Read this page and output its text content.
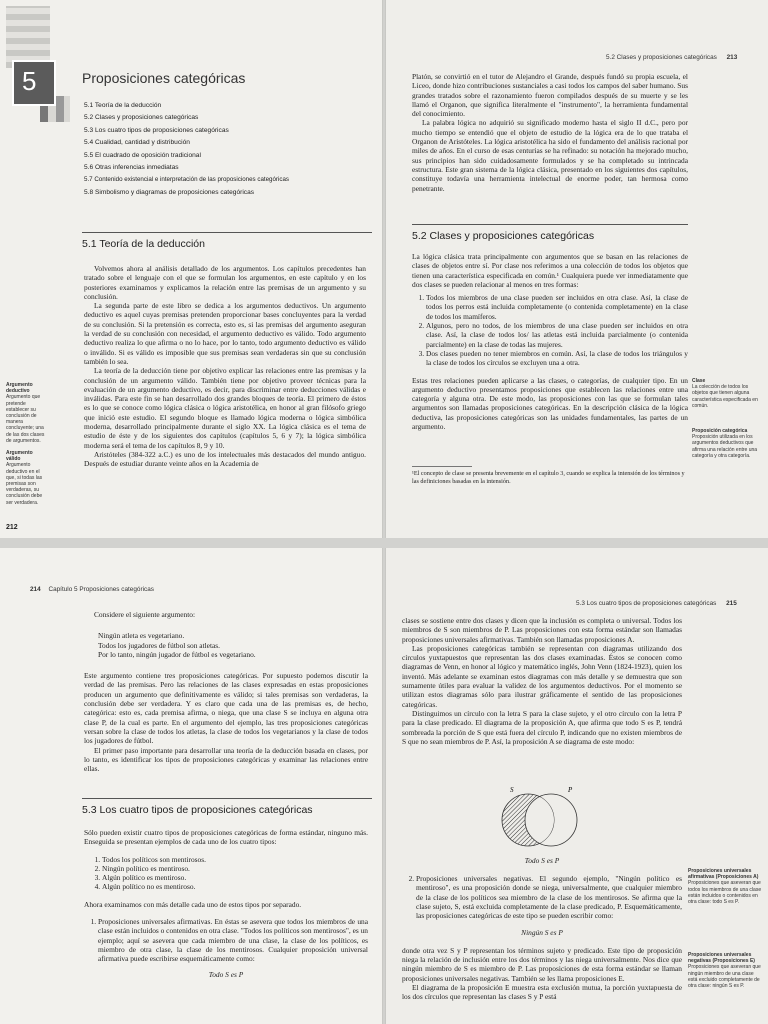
5	Proposiciones categóricas
5.1 Teoría de la deducción
5.2 Clases y proposiciones categóricas
5.3 Los cuatro tipos de proposiciones categóricas
5.4 Cualidad, cantidad y distribución
5.5 El cuadrado de oposición tradicional
5.6 Otras inferencias inmediatas
5.7 Contenido existencial e interpretación de las proposiciones categóricas
5.8 Simbolismo y diagramas de proposiciones categóricas
5.1 Teoría de la deducción

Volvemos ahora al análisis detallado de los argumentos. Los capítulos precedentes han tratado sobre el lenguaje con el que se formulan los argumentos, en este capítulo y en los posteriores examinamos y explicamos la relación entre las premisas de un argumento y su conclusión.

La segunda parte de este libro se dedica a los argumentos deductivos. Un argumento deductivo es aquel cuyas premisas pretenden proporcionar bases concluyentes para la verdad de su conclusión. Si la pretensión es correcta, esto es, si las premisas del argumento aseguran la verdad de su conclusión con necesidad, el argumento deductivo es válido. Todo argumento deductivo realiza lo que afirma o no lo hace, por lo tanto, todo argumento deductivo es válido o inválido. Si es válido es imposible que sus premisas sean verdaderas sin que su conclusión también lo sea.

La teoría de la deducción tiene por objetivo explicar las relaciones entre las premisas y la conclusión de un argumento válido. También tiene por objetivo proveer técnicas para la evaluación de un argumento deductivo, es decir, para discriminar entre deducciones válidas e inválidas. Para este fin se han desarrollado dos grandes bloques de teoría. El primero de éstos es lo que se conoce como lógica clásica o lógica aristotélica, en honor al gran filósofo griego que inició este estudio. El segundo bloque es llamado lógica moderna o lógica simbólica moderna, desarrollado principalmente durante el siglo XX. La lógica clásica es el tema de estudio de éste y de los siguientes dos capítulos (capítulos 5, 6 y 7); la lógica simbólica moderna será el tema de los capítulos 8, 9 y 10.

Aristóteles (384-322 a.C.) es uno de los intelectuales más destacados del mundo antiguo. Después de estudiar durante veinte años en la Academia de

Argumento deductivo
Argumento que pretende establecer su conclusión de manera concluyente; una de las dos clases de argumentos.
Argumento válido
Argumento deductivo en el que, si todas las premisas son verdaderas, su conclusión debe ser verdadera.
212
5.2 Clases y proposiciones categóricas 213

Platón, se convirtió en el tutor de Alejandro el Grande, después fundó su propia escuela, el Liceo, donde hizo contribuciones sustanciales a casi todos los campos del saber humano. Sus grandes tratados sobre el razonamiento fueron compilados después de su muerte y se les llamó el Organon, que significa literalmente el "instrumento", la herramienta fundamental del conocimiento.

La palabra lógica no adquirió su significado moderno hasta el siglo II d.C., pero por mucho tiempo se entendió que el objeto de estudio de la lógica era de lo que trataba el Organon de Aristóteles. La lógica aristotélica ha sido el fundamento del análisis racional por miles de años. En el curso de esas centurias se ha refinado: su notación ha mejorado mucho, sus principios han sido cuidadosamente formulados y se ha completado su intrincada estructura. Este gran sistema de la lógica clásica, presentado en los siguientes dos capítulos, constituye todavía una herramienta intelectual de enorme poder, tan hermosa como penetrante.

5.2 Clases y proposiciones categóricas

La lógica clásica trata principalmente con argumentos que se basan en las relaciones de clases de objetos entre sí. Por clase nos referimos a una colección de todos los objetos que tienen una característica especificada en común.¹ Cualquiera puede ver inmediatamente que dos clases se pueden relacionar al menos en tres formas:

1. Todos los miembros de una clase pueden ser incluidos en otra clase. Así, la clase de todos los perros está incluida completamente (o contenida completamente) en la clase de todos los mamíferos.
2. Algunos, pero no todos, de los miembros de una clase pueden ser incluidos en otra clase. Así, la clase de todos los/ las atletas está incluida parcialmente (o contenida parcialmente) en la clase de todas las mujeres.
3. Dos clases pueden no tener miembros en común. Así, la clase de todos los triángulos y la clase de todos los círculos se excluyen una a otra.

Estas tres relaciones pueden aplicarse a las clases, o categorías, de cualquier tipo. En un argumento deductivo presentamos proposiciones que establecen las relaciones entre una categoría y alguna otra. De este modo, las proposiciones con las que se formulan tales argumentos son llamadas proposiciones categóricas. En la descripción clásica de la lógica deductiva, las proposiciones categóricas son las unidades fundamentales, las partes de un argumento.

¹El concepto de clase se presenta brevemente en el capítulo 3, cuando se explica la intensión de los términos y las definiciones basadas en la intensión.
Clase
La colección de todos los objetos que tienen alguna característica especificada en común.
Proposición categórica
Proposición utilizada en los argumentos deductivos que afirma una relación entre una categoría y otra categoría.
214 Capítulo 5 Proposiciones categóricas

Considere el siguiente argumento:

Ningún atleta es vegetariano.
Todos los jugadores de fútbol son atletas.
Por lo tanto, ningún jugador de fútbol es vegetariano.

Este argumento contiene tres proposiciones categóricas. Por supuesto podemos discutir la verdad de las premisas. Pero las relaciones de las clases expresadas en estas proposiciones producen un argumento que definitivamente es válido; si tales premisas son verdaderas, la conclusión debe ser verdadera. Y es claro que cada una de las premisas es, de hecho, categórica: esto es, cada premisa afirma, o niega, que una clase S se incluya en alguna otra clase P, de la cual es parte. En el argumento del ejemplo, las tres proposiciones categóricas versan sobre la clase de todos los atletas, la clase de todos los vegetarianos y la clase de todos los jugadores de fútbol.

El primer paso importante para desarrollar una teoría de la deducción basada en clases, por lo tanto, es identificar los tipos de proposiciones categóricas y examinar las relaciones entre ellas.

5.3 Los cuatro tipos de proposiciones categóricas

Sólo pueden existir cuatro tipos de proposiciones categóricas de forma estándar, ninguno más. Enseguida se presentan ejemplos de cada uno de los cuatro tipos:

1. Todos los políticos son mentirosos.
2. Ningún político es mentiroso.
3. Algún político es mentiroso.
4. Algún político no es mentiroso.

Ahora examinamos con más detalle cada uno de estos tipos por separado.

1. Proposiciones universales afirmativas. En éstas se asevera que todos los miembros de una clase están incluidos o contenidos en otra clase. "Todos los políticos son mentirosos", es un ejemplo; aquí se asevera que cada miembro de una clase, la clase de los políticos, es miembro de otra clase, la clase de los mentirosos. Cualquier proposición universal afirmativa puede escribirse esquemáticamente como:
Todo S es P
5.3 Los cuatro tipos de proposiciones categóricas 215

clases se sostiene entre dos clases y dicen que la inclusión es completa o universal. Todos los miembros de S son miembros de P. Las proposiciones con esta forma estándar son llamadas proposiciones universales afirmativas. También son llamadas proposiciones A.

Las proposiciones categóricas también se representan con diagramas utilizando dos círculos yuxtapuestos que representan las dos clases examinadas. Éstos se conocen como diagramas de Venn, en honor al lógico y matemático inglés, John Venn (1824-1923), quien los inventó. Más adelante se examinan estos diagramas con más detalle y se demuestra que son sumamente útiles para evaluar la validez de los argumentos deductivos. Por el momento se utilizan estos diagramas sólo para ilustrar gráficamente el sentido de las proposiciones categóricas.

Distinguimos un círculo con la letra S para la clase sujeto, y el otro círculo con la letra P para la clase predicado. El diagrama de la proposición A, que afirma que todo S es P, tendrá sombreada la porción de S que está fuera del círculo P, indicando que no existen miembros de S que no sean miembros de P. Así, la proposición A se diagrama de este modo:

S	P
Todo S es P
2. Proposiciones universales negativas. El segundo ejemplo, "Ningún político es mentiroso", es una proposición donde se niega, universalmente, que cualquier miembro de la clase de los políticos sea miembro de la clase de los mentirosos. Se afirma que la clase sujeto, S, está excluida completamente de la clase predicado, P. Esquemáticamente, las proposiciones categóricas de este tipo se pueden escribir como:
Ningún S es P

donde otra vez S y P representan los términos sujeto y predicado. Este tipo de proposición niega la relación de inclusión entre los dos términos y las niega universalmente. Nos dice que ningún miembro de S es miembro de P. Las proposiciones de esta forma estándar se llaman proposiciones universales negativas. También se les llama proposiciones E.

El diagrama de la proposición E muestra esta exclusión mutua, la porción yuxtapuesta de los dos círculos que representan las clases S y P está

Proposiciones universales afirmativas (Proposiciones A)
Proposiciones que aseveran que todos los miembros de una clase están incluidos o contenidos en otra clase: todo S es P.
Proposiciones universales negativas (Proposiciones E)
Proposiciones que aseveran que ningún miembro de una clase está excluido completamente de otra clase: ningún S es P.
